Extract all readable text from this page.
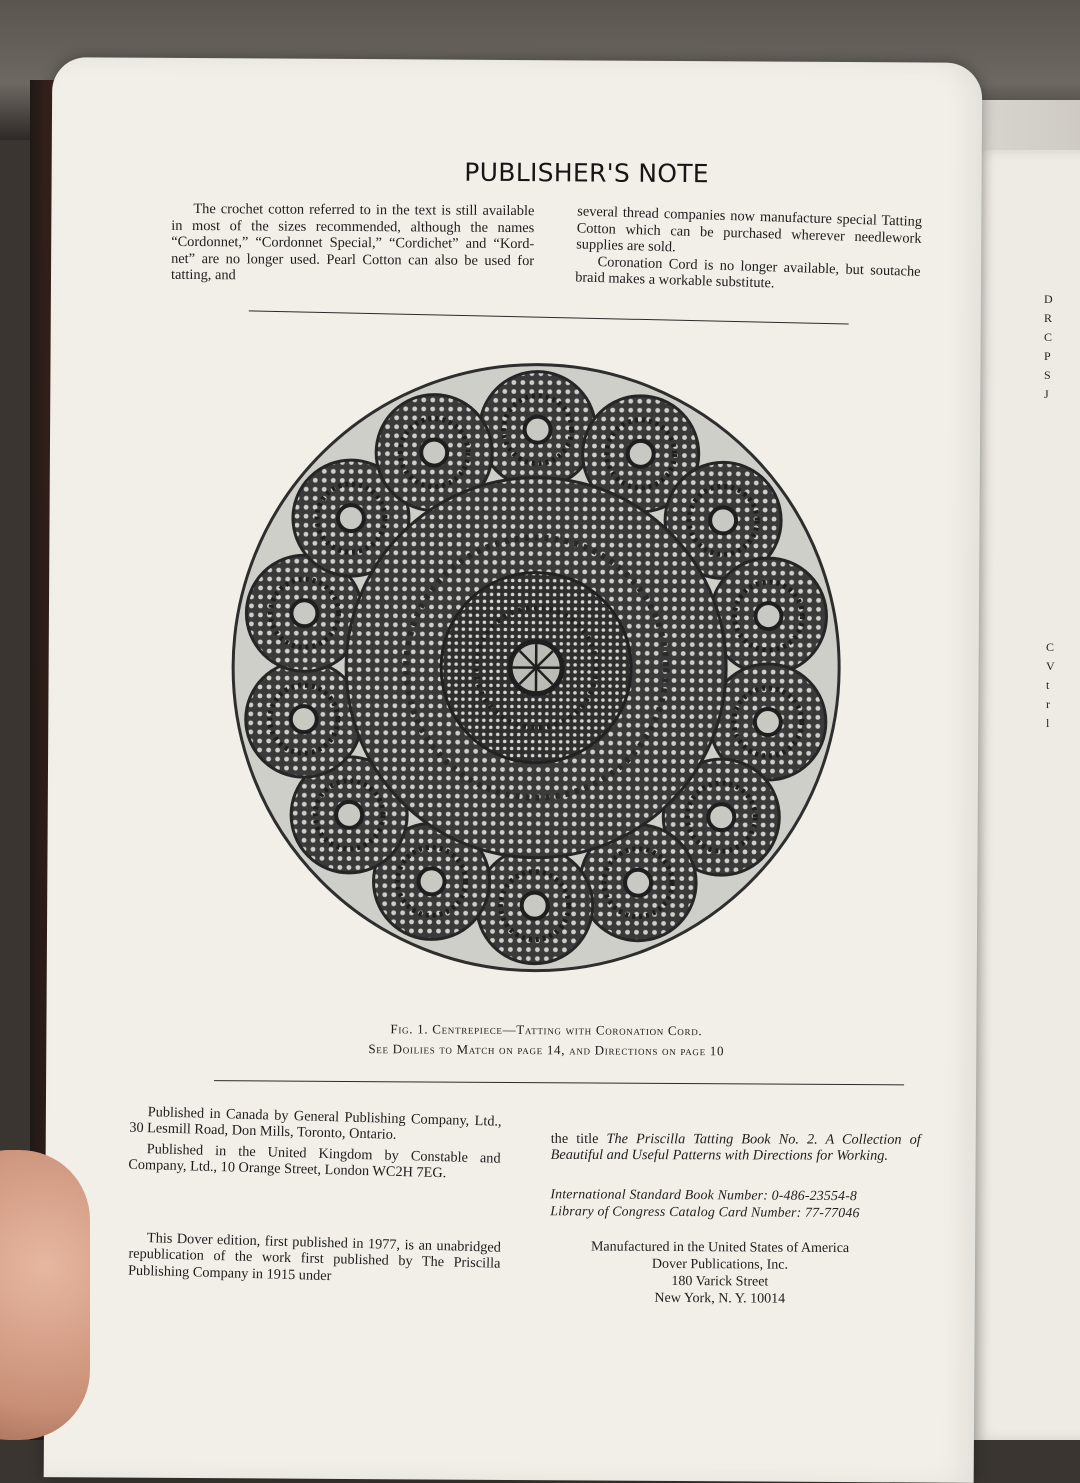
D
R
C
P
S
J
C
V
t
r
l
PUBLISHER'S NOTE

The crochet cotton referred to in the text is still available in most of the sizes recommended, although the names “Cordonnet,” “Cordonnet Special,” “Cordichet” and “Kord-net” are no longer used. Pearl Cotton can also be used for tatting, and

several thread companies now manufacture special Tatting Cotton which can be purchased wherever needlework supplies are sold.

Coronation Cord is no longer available, but soutache braid makes a workable substitute.

Fig. 1. Centrepiece—Tatting with Coronation Cord.
See Doilies to Match on page 14, and Directions on page 10

Published in Canada by General Publishing Company, Ltd., 30 Lesmill Road, Don Mills, Toronto, Ontario.

Published in the United Kingdom by Constable and Company, Ltd., 10 Orange Street, London WC2H 7EG.

This Dover edition, first published in 1977, is an unabridged republication of the work first published by The Priscilla Publishing Company in 1915 under

the title The Priscilla Tatting Book No. 2. A Collection of Beautiful and Useful Patterns with Directions for Working.
International Standard Book Number: 0-486-23554-8
Library of Congress Catalog Card Number: 77-77046
Manufactured in the United States of America
Dover Publications, Inc.
180 Varick Street
New York, N. Y. 10014
